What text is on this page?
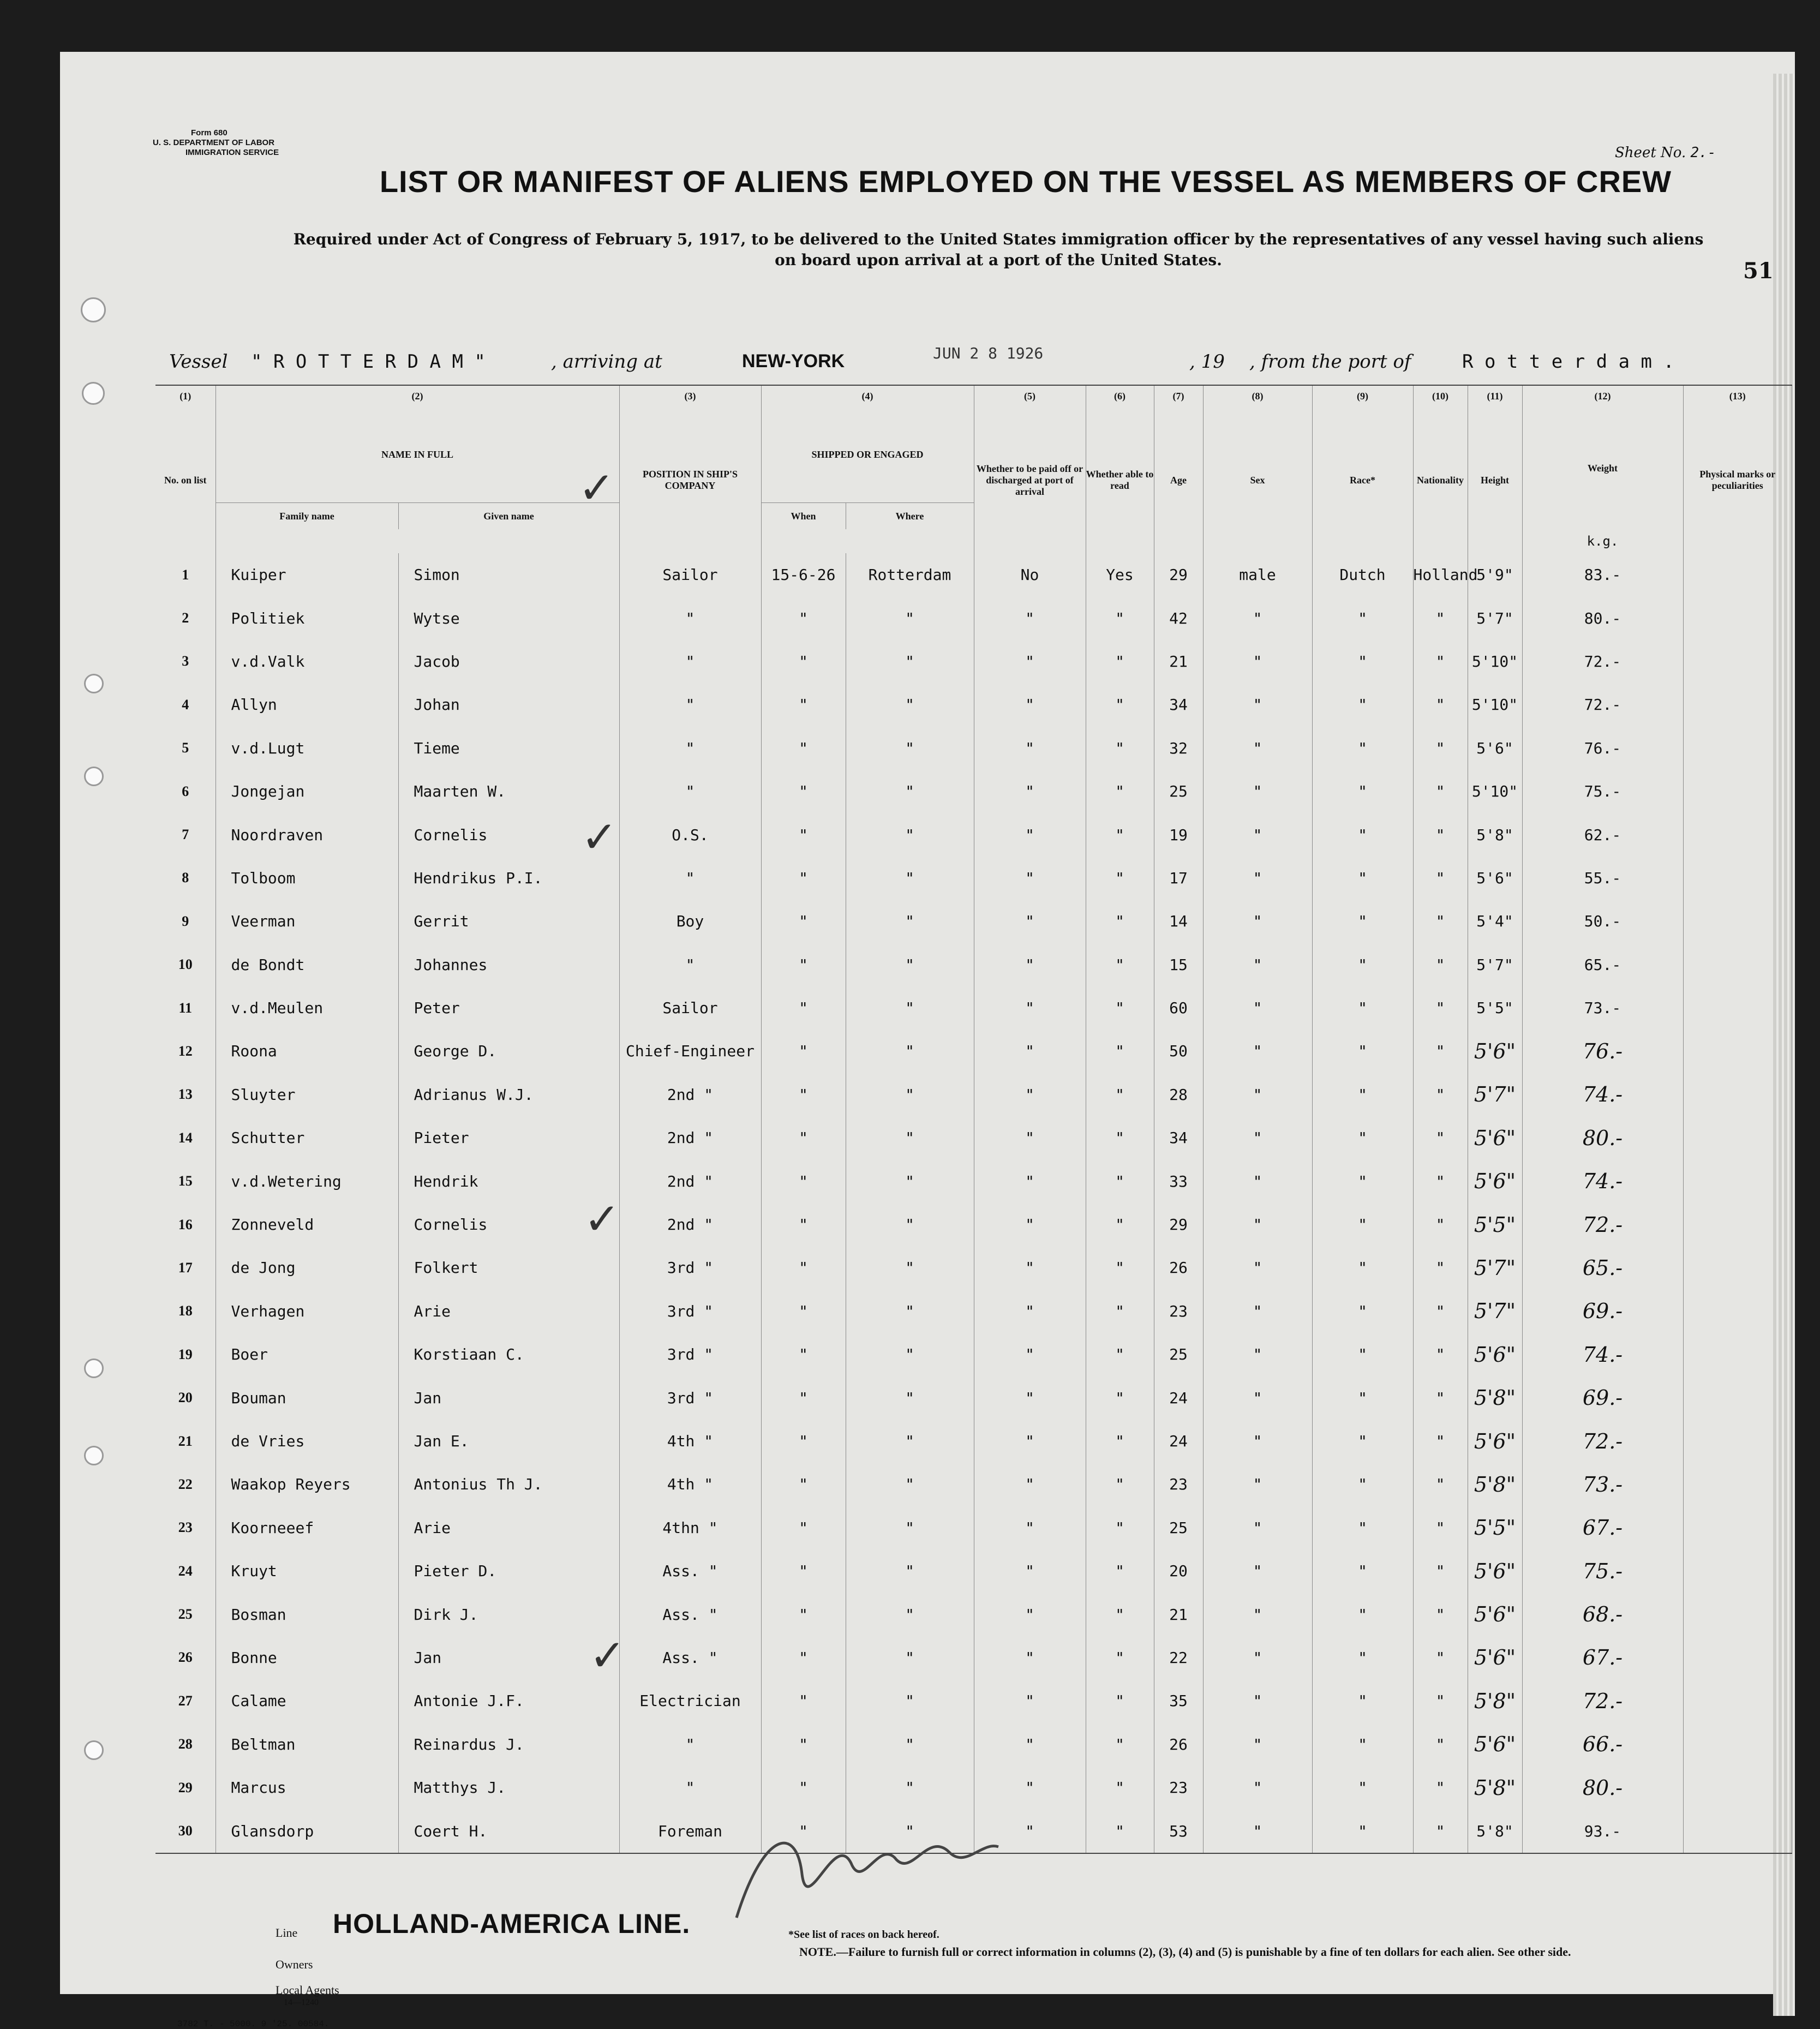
Form 680
U. S. DEPARTMENT OF LABOR
IMMIGRATION SERVICE	Sheet No. 2.-
LIST OR MANIFEST OF ALIENS EMPLOYED ON THE VESSEL AS MEMBERS OF CREW
Required under Act of Congress of February 5, 1917, to be delivered to the United States immigration officer by the representatives of any vessel having such aliens
on board upon arrival at a port of the United States.	51
Vessel " R O T T E R D A M "	, arriving at	NEW-YORK	JUN 2 8 1926	, 19 , from the port of	R o t t e r d a m .
(1)	(2)		(3)	(4)		(5)	(6)	(7)	(8)	(9)	(10)	(11)	(12)	(13)
No. on list	NAME IN FULL		POSITION IN SHIP'S COMPANY	SHIPPED OR ENGAGED		Whether to be paid off or discharged at port of arrival	Whether able to read	Age	Sex	Race*	Nationality	Height	Weight	Physical marks or peculiarities
	Family name	Given name		When	Where									
													k.g.	
1	Kuiper	Simon	Sailor	15-6-26	Rotterdam	No	Yes	29	male	Dutch	Holland	5'9"	83.-	
2	Politiek	Wytse	"	"	"	"	"	42	"	"	"	5'7"	80.-	
3	v.d.Valk	Jacob	"	"	"	"	"	21	"	"	"	5'10"	72.-	
4	Allyn	Johan	"	"	"	"	"	34	"	"	"	5'10"	72.-	
5	v.d.Lugt	Tieme	"	"	"	"	"	32	"	"	"	5'6"	76.-	
6	Jongejan	Maarten W.	"	"	"	"	"	25	"	"	"	5'10"	75.-	
7	Noordraven	Cornelis	O.S.	"	"	"	"	19	"	"	"	5'8"	62.-	
8	Tolboom	Hendrikus P.I.	"	"	"	"	"	17	"	"	"	5'6"	55.-	
9	Veerman	Gerrit	Boy	"	"	"	"	14	"	"	"	5'4"	50.-	
10	de Bondt	Johannes	"	"	"	"	"	15	"	"	"	5'7"	65.-	
11	v.d.Meulen	Peter	Sailor	"	"	"	"	60	"	"	"	5'5"	73.-	
12	Roona	George D.	Chief-Engineer	"	"	"	"	50	"	"	"	5'6"	76.-	
13	Sluyter	Adrianus W.J.	2nd "	"	"	"	"	28	"	"	"	5'7"	74.-	
14	Schutter	Pieter	2nd "	"	"	"	"	34	"	"	"	5'6"	80.-	
15	v.d.Wetering	Hendrik	2nd "	"	"	"	"	33	"	"	"	5'6"	74.-	
16	Zonneveld	Cornelis	2nd "	"	"	"	"	29	"	"	"	5'5"	72.-	
17	de Jong	Folkert	3rd "	"	"	"	"	26	"	"	"	5'7"	65.-	
18	Verhagen	Arie	3rd "	"	"	"	"	23	"	"	"	5'7"	69.-	
19	Boer	Korstiaan C.	3rd "	"	"	"	"	25	"	"	"	5'6"	74.-	
20	Bouman	Jan	3rd "	"	"	"	"	24	"	"	"	5'8"	69.-	
21	de Vries	Jan E.	4th "	"	"	"	"	24	"	"	"	5'6"	72.-	
22	Waakop Reyers	Antonius Th J.	4th "	"	"	"	"	23	"	"	"	5'8"	73.-	
23	Koorneeef	Arie	4thn "	"	"	"	"	25	"	"	"	5'5"	67.-	
24	Kruyt	Pieter D.	Ass. "	"	"	"	"	20	"	"	"	5'6"	75.-	
25	Bosman	Dirk J.	Ass. "	"	"	"	"	21	"	"	"	5'6"	68.-	
26	Bonne	Jan	Ass. "	"	"	"	"	22	"	"	"	5'6"	67.-	
27	Calame	Antonie J.F.	Electrician	"	"	"	"	35	"	"	"	5'8"	72.-	
28	Beltman	Reinardus J.	"	"	"	"	"	26	"	"	"	5'6"	66.-	
29	Marcus	Matthys J.	"	"	"	"	"	23	"	"	"	5'8"	80.-	
30	Glansdorp	Coert H.	Foreman	"	"	"	"	53	"	"	"	5'8"	93.-	
✓
✓
✓
✓
HOLLAND-AMERICA LINE.
Line
Owners
Local Agents
14—1240
*See list of races on back hereof.
NOTE.—Failure to furnish full or correct information in columns (2), (3), (4) and (5) is punishable by a fine of ten dollars for each alien. See other side.
3782 T. - 5000. 9 '25. 00584.
